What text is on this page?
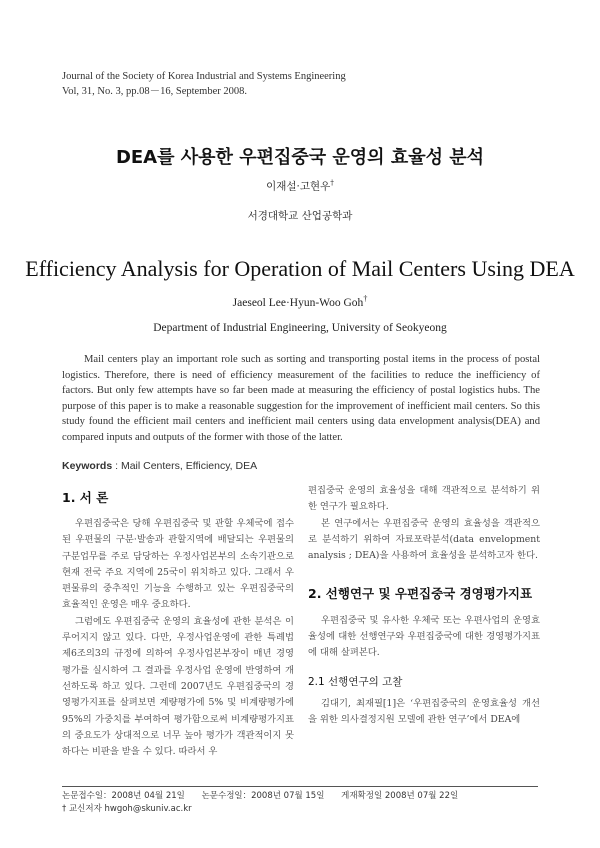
Journal of the Society of Korea Industrial and Systems Engineering
Vol, 31, No. 3, pp.08－16, September 2008.
DEA를 사용한 우편집중국 운영의 효율성 분석
이재설·고현우†
서경대학교 산업공학과
Efficiency Analysis for Operation of Mail Centers Using DEA
Jaeseol Lee·Hyun-Woo Goh†
Department of Industrial Engineering, University of Seokyeong
Mail centers play an important role such as sorting and transporting postal items in the process of postal logistics. Therefore, there is need of efficiency measurement of the facilities to reduce the inefficiency of factors. But only few attempts have so far been made at measuring the efficiency of postal logistics hubs. The purpose of this paper is to make a reasonable suggestion for the improvement of inefficient mail centers. So this study found the efficient mail centers and inefficient mail centers using data envelopment analysis(DEA) and compared inputs and outputs of the former with those of the latter.
Keywords : Mail Centers, Efficiency, DEA
1. 서 론

우편집중국은 당해 우편집중국 및 관할 우체국에 접수된 우편물의 구분·발송과 관할지역에 배달되는 우편물의 구분업무를 주로 담당하는 우정사업본부의 소속기관으로 현재 전국 주요 지역에 25국이 위치하고 있다. 그래서 우편물류의 중추적인 기능을 수행하고 있는 우편집중국의 효율적인 운영은 매우 중요하다.

그럼에도 우편집중국 운영의 효율성에 관한 분석은 이루어지지 않고 있다. 다만, 우정사업운영에 관한 특례법 제6조의3의 규정에 의하여 우정사업본부장이 매년 경영평가를 실시하여 그 결과를 우정사업 운영에 반영하여 개선하도록 하고 있다. 그런데 2007년도 우편집중국의 경영평가지표를 살펴보면 계량평가에 5% 및 비계량평가에 95%의 가중치를 부여하여 평가함으로써 비계량평가지표의 중요도가 상대적으로 너무 높아 평가가 객관적이지 못하다는 비판을 받을 수 있다. 따라서 우

편집중국 운영의 효율성을 대해 객관적으로 분석하기 위한 연구가 필요하다.

본 연구에서는 우편집중국 운영의 효율성을 객관적으로 분석하기 위하여 자료포락분석(data envelopment analysis ; DEA)을 사용하여 효율성을 분석하고자 한다.

2. 선행연구 및 우편집중국 경영평가지표

우편집중국 및 유사한 우체국 또는 우편사업의 운영효율성에 대한 선행연구와 우편집중국에 대한 경영평가지표에 대해 살펴본다.

2.1 선행연구의 고찰

김대기, 최재필[1]은 ‘우편집중국의 운영효율성 개선을 위한 의사결정지원 모델에 관한 연구’에서 DEA에

논문접수일：2008년 04월 21일 논문수정일：2008년 07월 15일 게재확정일 2008년 07월 22일
† 교신저자 hwgoh@skuniv.ac.kr
